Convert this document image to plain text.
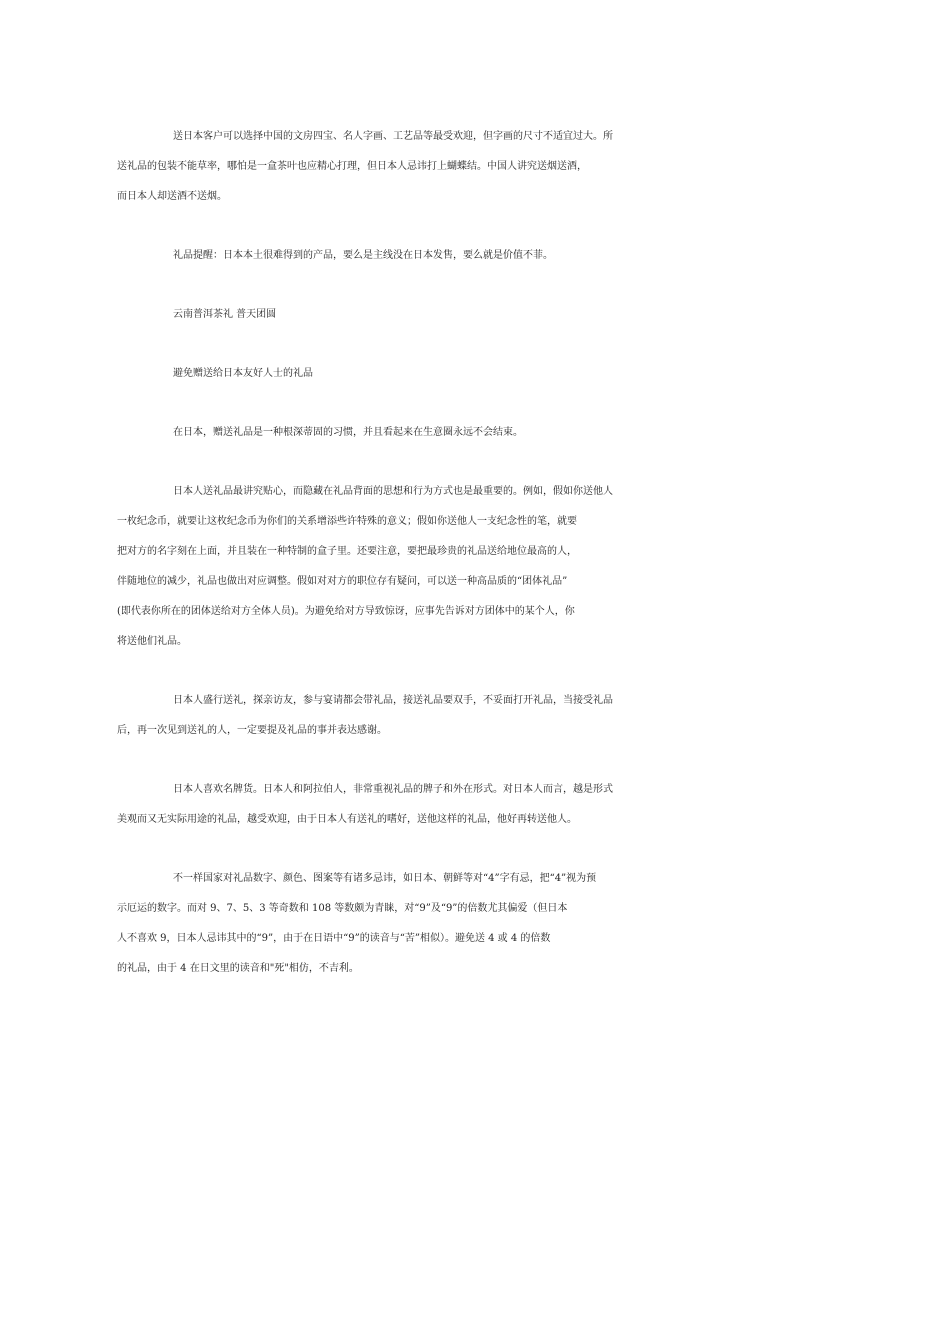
送日本客户可以选择中国的文房四宝、名人字画、工艺品等最受欢迎，但字画的尺寸不适宜过大。所
送礼品的包装不能草率，哪怕是一盒茶叶也应精心打理，但日本人忌讳打上蝴蝶结。中国人讲究送烟送酒，
而日本人却送酒不送烟。

礼品提醒：日本本土很难得到的产品，要么是主线没在日本发售，要么就是价值不菲。

云南普洱茶礼 普天团圆

避免赠送给日本友好人士的礼品

在日本，赠送礼品是一种根深蒂固的习惯，并且看起来在生意圈永远不会结束。

日本人送礼品最讲究贴心，而隐藏在礼品背面的思想和行为方式也是最重要的。例如，假如你送他人
一枚纪念币，就要让这枚纪念币为你们的关系增添些许特殊的意义；假如你送他人一支纪念性的笔，就要
把对方的名字刻在上面，并且装在一种特制的盒子里。还要注意，要把最珍贵的礼品送给地位最高的人，
伴随地位的减少，礼品也做出对应调整。假如对对方的职位存有疑问，可以送一种高品质的“团体礼品”
(即代表你所在的团体送给对方全体人员)。为避免给对方导致惊讶，应事先告诉对方团体中的某个人，你
将送他们礼品。

日本人盛行送礼，探亲访友，参与宴请都会带礼品，接送礼品要双手，不妥面打开礼品，当接受礼品
后，再一次见到送礼的人，一定要提及礼品的事并表达感谢。

日本人喜欢名牌货。日本人和阿拉伯人，非常重视礼品的牌子和外在形式。对日本人而言，越是形式
美观而又无实际用途的礼品，越受欢迎，由于日本人有送礼的嗜好，送他这样的礼品，他好再转送他人。

不一样国家对礼品数字、颜色、图案等有诸多忌讳，如日本、朝鲜等对“4”字有忌，把“4”视为预
示厄运的数字。而对 9、7、5、3 等奇数和 108 等数颇为青睐，对“9”及“9”的倍数尤其偏爱（但日本
人不喜欢 9，日本人忌讳其中的“9”，由于在日语中“9”的读音与“苦”相似）。避免送 4 或 4 的倍数
的礼品，由于 4 在日文里的读音和"死"相仿，不吉利。
